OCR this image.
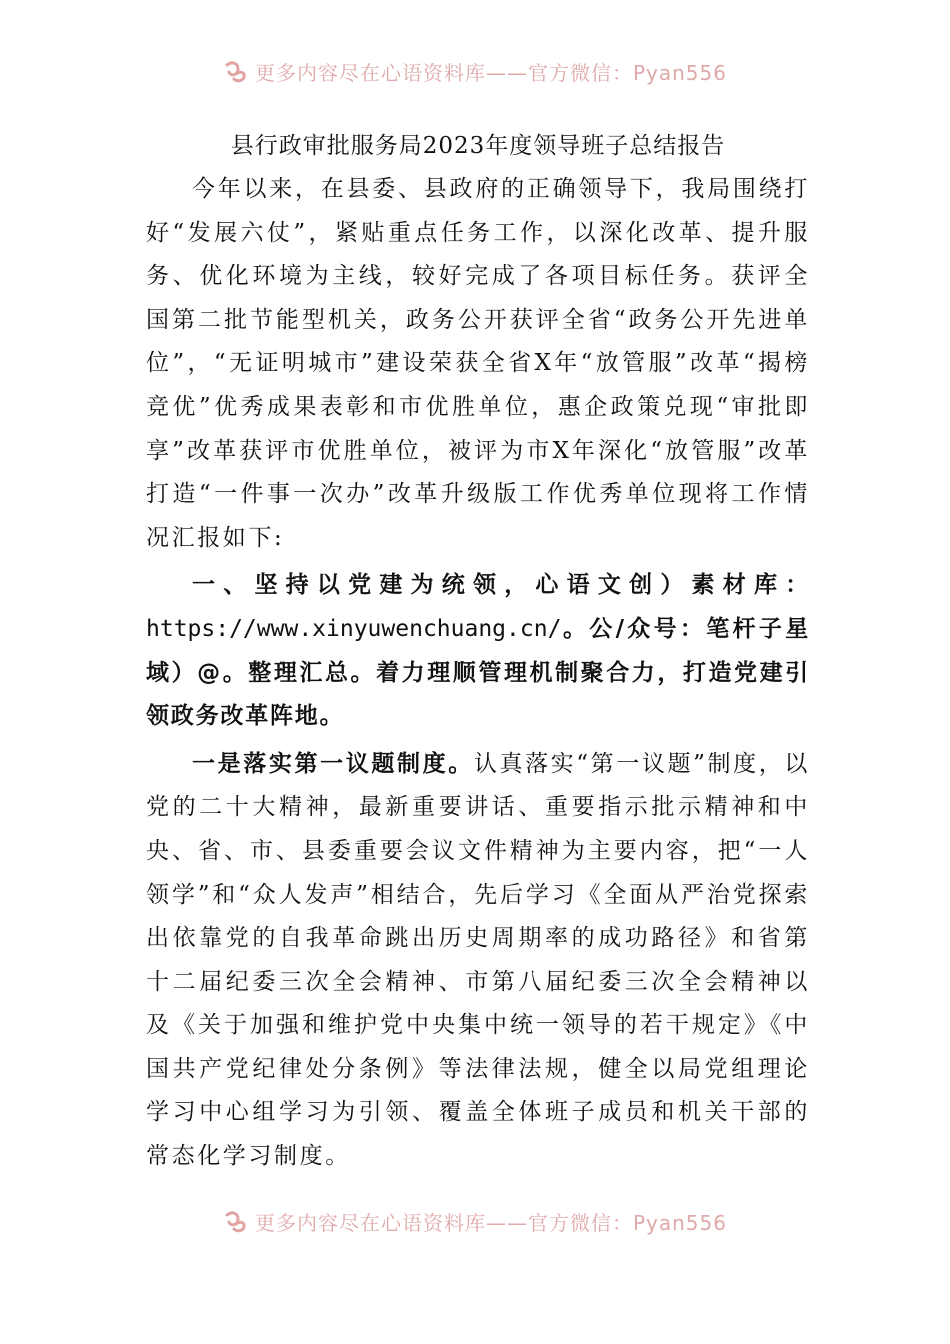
更多内容尽在心语资料库——官方微信：Pyan556
县行政审批服务局2023年度领导班子总结报告

今年以来，在县委、县政府的正确领导下，我局围绕打好“发展六仗”，紧贴重点任务工作，以深化改革、提升服务、优化环境为主线，较好完成了各项目标任务。获评全国第二批节能型机关，政务公开获评全省“政务公开先进单位”，“无证明城市”建设荣获全省X年“放管服”改革“揭榜竞优”优秀成果表彰和市优胜单位，惠企政策兑现“审批即享”改革获评市优胜单位，被评为市X年深化“放管服”改革打造“一件事一次办”改革升级版工作优秀单位现将工作情况汇报如下:

一、坚持以党建为统领，心语文创）素材库：https://www.xinyuwenchuang.cn/。公/众号：笔杆子星域）@。整理汇总。着力理顺管理机制聚合力，打造党建引领政务改革阵地。

一是落实第一议题制度。认真落实“第一议题”制度，以党的二十大精神，最新重要讲话、重要指示批示精神和中央、省、市、县委重要会议文件精神为主要内容，把“一人领学”和“众人发声”相结合，先后学习《全面从严治党探索出依靠党的自我革命跳出历史周期率的成功路径》和省第十二届纪委三次全会精神、市第八届纪委三次全会精神以及《关于加强和维护党中央集中统一领导的若干规定》《中国共产党纪律处分条例》等法律法规，健全以局党组理论学习中心组学习为引领、覆盖全体班子成员和机关干部的常态化学习制度。

更多内容尽在心语资料库——官方微信：Pyan556
